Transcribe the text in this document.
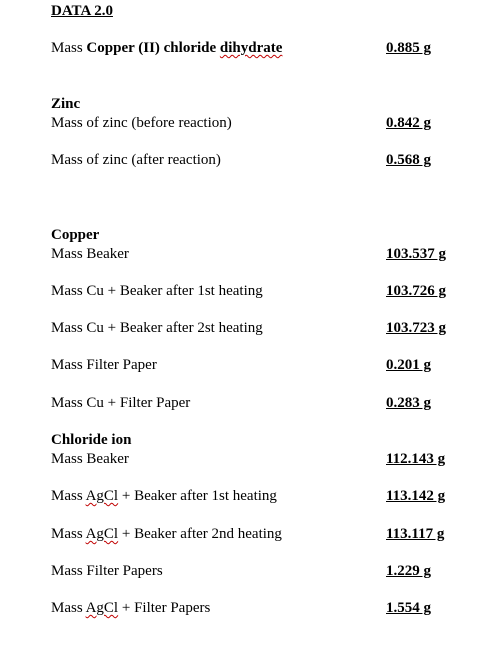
DATA 2.0
Mass Copper (II) chloride dihydrate	0.885 g
Zinc
Mass of zinc (before reaction)	0.842 g
Mass of zinc (after reaction)	0.568 g
Copper
Mass Beaker	103.537 g
Mass Cu + Beaker after 1st heating	103.726 g
Mass Cu + Beaker after 2st heating	103.723 g
Mass Filter Paper	0.201 g
Mass Cu + Filter Paper	0.283 g
Chloride ion
Mass Beaker	112.143 g
Mass AgCl + Beaker after 1st heating	113.142 g
Mass AgCl + Beaker after 2nd heating	113.117 g
Mass Filter Papers	1.229 g
Mass AgCl + Filter Papers	1.554 g
